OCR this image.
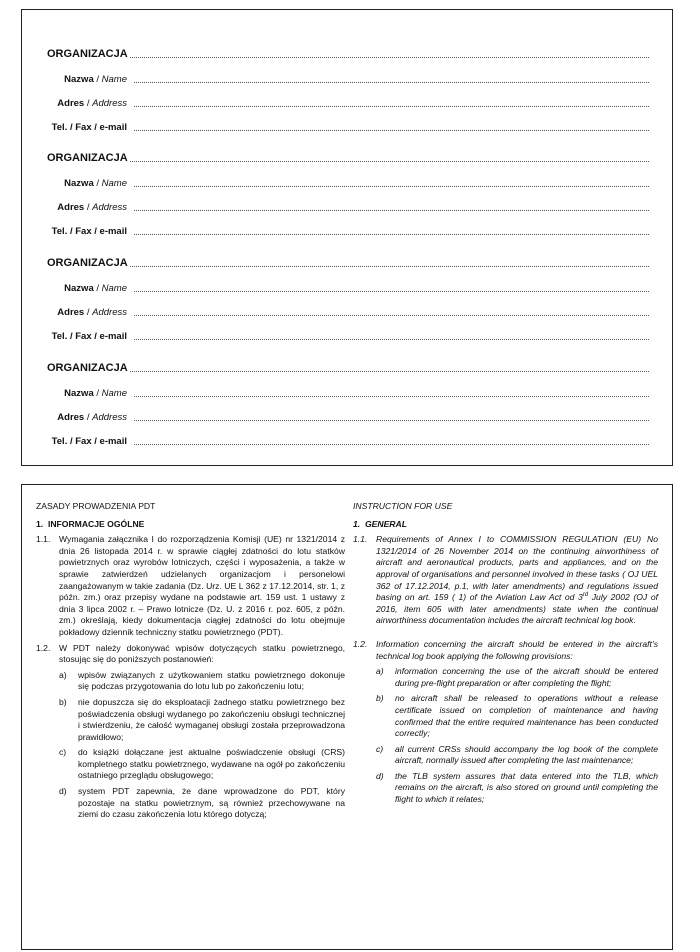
ORGANIZACJA
Nazwa / Name
Adres / Address
Tel. / Fax / e-mail
ORGANIZACJA
Nazwa / Name
Adres / Address
Tel. / Fax / e-mail
ORGANIZACJA
Nazwa / Name
Adres / Address
Tel. / Fax / e-mail
ORGANIZACJA
Nazwa / Name
Adres / Address
Tel. / Fax / e-mail
ZASADY PROWADZENIA PDT
1. INFORMACJE OGÓLNE
1.1.	Wymagania załącznika I do rozporządzenia Komisji (UE) nr 1321/2014 z dnia 26 listopada 2014 r. w sprawie ciągłej zdatności do lotu statków powietrznych oraz wyrobów lotniczych, części i wyposażenia, a także w sprawie zatwierdzeń udzielanych organizacjom i personelowi zaangażowanym w takie zadania (Dz. Urz. UE L 362 z 17.12.2014, str. 1, z późn. zm.) oraz przepisy wydane na podstawie art. 159 ust. 1 ustawy z dnia 3 lipca 2002 r. – Prawo lotnicze (Dz. U. z 2016 r. poz. 605, z późn. zm.) określają, kiedy dokumentacja ciągłej zdatności do lotu obejmuje pokładowy dziennik techniczny statku powietrznego (PDT).
1.2.	W PDT należy dokonywać wpisów dotyczących statku powietrznego, stosując się do poniższych postanowień:
a)	wpisów związanych z użytkowaniem statku powietrznego dokonuje się podczas przygotowania do lotu lub po zakończeniu lotu;
b)	nie dopuszcza się do eksploatacji żadnego statku powietrznego bez poświadczenia obsługi wydanego po zakończeniu obsługi technicznej i stwierdzeniu, że całość wymaganej obsługi została przeprowadzona prawidłowo;
c)	do książki dołączane jest aktualne poświadczenie obsługi (CRS) kompletnego statku powietrznego, wydawane na ogół po zakończeniu ostatniego przeglądu obsługowego;
d)	system PDT zapewnia, że dane wprowadzone do PDT, który pozostaje na statku powietrznym, są również przechowywane na ziemi do czasu zakończenia lotu którego dotyczą;
INSTRUCTION FOR USE
1. GENERAL
1.1.	Requirements of Annex I to COMMISSION REGULATION (EU) No 1321/2014 of 26 November 2014 on the continuing airworthiness of aircraft and aeronautical products, parts and appliances, and on the approval of organisations and personnel involved in these tasks ( OJ UEL 362 of 17.12.2014, p.1, with later amendments) and regulations issued basing on art. 159 ( 1) of the Aviation Law Act od 3rd July 2002 (OJ of 2016, item 605 with later amendments) state when the continual airworthiness documentation includes the aircraft technical log book.
1.2.	Information concerning the aircraft should be entered in the aircraft’s technical log book applying the following provisions:
a)	information concerning the use of the aircraft should be entered during pre-flight preparation or after completing the flight;
b)	no aircraft shall be released to operations without a release certificate issued on completion of maintenance and having confirmed that the entire required maintenance has been conducted correctly;
c)	all current CRSs should accompany the log book of the complete aircraft, normally issued after completing the last maintenance;
d)	the TLB system assures that data entered into the TLB, which remains on the aircraft, is also stored on ground until completing the flight to which it relates;
